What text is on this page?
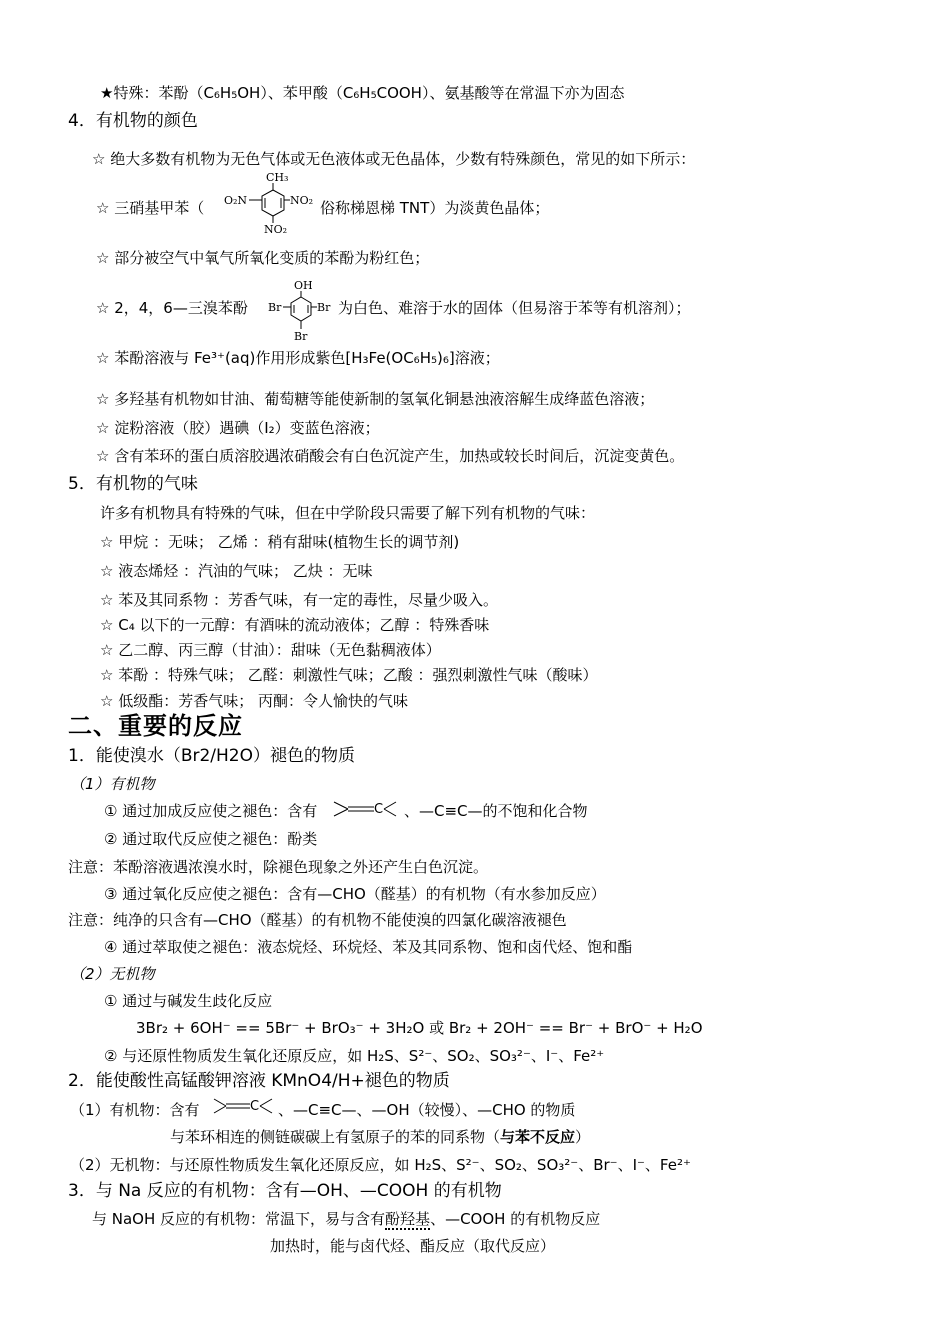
★特殊：苯酚（C₆H₅OH）、苯甲酸（C₆H₅COOH）、氨基酸等在常温下亦为固态
4．有机物的颜色
☆ 绝大多数有机物为无色气体或无色液体或无色晶体，少数有特殊颜色，常见的如下所示：
☆ 三硝基甲苯（
CH₃
O₂N	NO₂
NO₂
俗称梯恩梯 TNT）为淡黄色晶体；
☆ 部分被空气中氧气所氧化变质的苯酚为粉红色；
☆ 2，4，6—三溴苯酚
OH
Br	Br
Br
为白色、难溶于水的固体（但易溶于苯等有机溶剂）；
☆ 苯酚溶液与 Fe³⁺(aq)作用形成紫色[H₃Fe(OC₆H₅)₆]溶液；
☆ 多羟基有机物如甘油、葡萄糖等能使新制的氢氧化铜悬浊液溶解生成绛蓝色溶液；
☆ 淀粉溶液（胶）遇碘（I₂）变蓝色溶液；
☆ 含有苯环的蛋白质溶胶遇浓硝酸会有白色沉淀产生，加热或较长时间后，沉淀变黄色。
5．有机物的气味
许多有机物具有特殊的气味，但在中学阶段只需要了解下列有机物的气味：
☆ 甲烷 ：无味； 乙烯 ：稍有甜味(植物生长的调节剂)
☆ 液态烯烃 ：汽油的气味； 乙炔 ：无味
☆ 苯及其同系物 ：芳香气味，有一定的毒性，尽量少吸入。
☆ C₄ 以下的一元醇：有酒味的流动液体；乙醇 ：特殊香味
☆ 乙二醇、丙三醇（甘油）：甜味（无色黏稠液体）
☆ 苯酚 ：特殊气味； 乙醛：刺激性气味；乙酸 ：强烈刺激性气味（酸味）
☆ 低级酯：芳香气味； 丙酮：令人愉快的气味
二、重要的反应
1．能使溴水（Br2/H2O）褪色的物质
（1）有机物
① 通过加成反应使之褪色：含有	C 、—C≡C—的不饱和化合物
② 通过取代反应使之褪色：酚类
注意：苯酚溶液遇浓溴水时，除褪色现象之外还产生白色沉淀。
③ 通过氧化反应使之褪色：含有—CHO（醛基）的有机物（有水参加反应）
注意：纯净的只含有—CHO（醛基）的有机物不能使溴的四氯化碳溶液褪色
④ 通过萃取使之褪色：液态烷烃、环烷烃、苯及其同系物、饱和卤代烃、饱和酯
（2）无机物
① 通过与碱发生歧化反应
3Br₂ + 6OH⁻ == 5Br⁻ + BrO₃⁻ + 3H₂O 或 Br₂ + 2OH⁻ == Br⁻ + BrO⁻ + H₂O
② 与还原性物质发生氧化还原反应，如 H₂S、S²⁻、SO₂、SO₃²⁻、I⁻、Fe²⁺
2．能使酸性高锰酸钾溶液 KMnO4/H+褪色的物质
（1）有机物：含有	C 、—C≡C—、—OH（较慢）、—CHO 的物质
与苯环相连的侧链碳碳上有氢原子的苯的同系物（与苯不反应）
（2）无机物：与还原性物质发生氧化还原反应，如 H₂S、S²⁻、SO₂、SO₃²⁻、Br⁻、I⁻、Fe²⁺
3．与 Na 反应的有机物：含有—OH、—COOH 的有机物
与 NaOH 反应的有机物：常温下，易与含有酚羟基、—COOH 的有机物反应
加热时，能与卤代烃、酯反应（取代反应）
